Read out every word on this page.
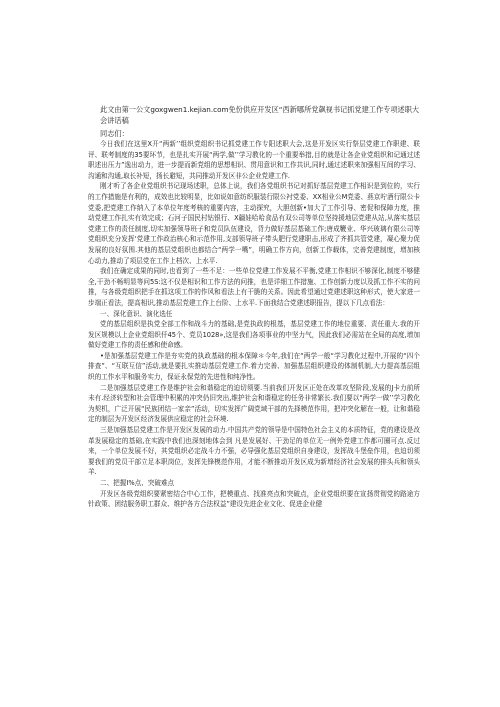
此文由第一公文goxgwen1.kejian.com免份供应开发区“西新哪所党飙视书记抓党建工作专项述职大会讲话稿
同志们：

今日我们在这里X开“两新’’组织党组织书记抓党建工作专阳述职大会,这是开发区实行祭层党建工作职建、联评、联考制度的35要环节，也是扎实开展“两学,做’’学习教化的一个重要举措,目的就是让各企业党组织和记通过述职述出压力”逸出动力，进一步提而新党组的思想相识、贯用意识和工作共识,同时,通过述职来加强相互间的学习、沟通和沟通,取长补短，扬长避短，共同推动开发区非公企业党建工作.

刚才听了各企业党组织书记现场述职，总体上说，我们各党组织书记对抓好基层党建工作相识是到位的，实行的工作措施是有利的，成效也比较明显，比如说如意纺织服装行限公衬党委、XX相业公M党委、燕京咛酒行限公卡党委,把党建工作纳入了本单位年度考核的重要内容，主动探究，大胆创新•加大了工作引导、密促和保障力度，推动党建工作扎实有效完成；石河子国民村钻银行、X疆娃哈哈食品有双公司等单位坚持援地层党建从站,从落实基层党建工作的责任制度,切实加强领导班子和党员队伍建设，背力做好基层基础工作;唐成鞭业、华兴玻璃有限公司等党组织充分发挥‘党建工作政治核心和示范作用,支部领导班子带头肥行党建职击,形成了齐抓共管党建，凝心聚力促发展的良好氛围.其他的基层党组织也都结合“两学一嘴”，明确工作方向，创新工作载体，完善党建制度，增加核心动力,推动了项层党在工作上档次、上水平.

我们在确定成果的同时,也看到了一些不足：一些单位党建工作发展不平衡,党建工作相识不够深化,制度不够健全,干劲不畅明显等问5S:这不仅是相识和工作方法的问推，也是详细工作措施、工作创新力度以及抓工作不实的问推，与各级党组织把手在抓这项工作的作风和看法上有干脆的关系。因此希望通过党建述职这种形式，使大家进一步端正看法，提高相识,推动基层党建工作上台阶、上水平.下面我结合党建述职报告，提以下几点看法：

一、深化意识、演化选任

党的基层组织是执党全部工作和战斗力的基础,是党执政的根基，基层党建工作的地位重要、责任重大.我的开发区规模以上企业党组织仟45个、党员1028»,这是我们各项事业的中坚力气，因此我们必需站在全局的高度,增加做好党建工作的责任感和使命感。

•是加强基层党建工作是夯实党的执政基础的根本保障＊今年,我们在“两学一般“学习教化过程中,开展的“四个排查”、“互联互信”活动,就是要扎实推动基层党建工作.着力完善、加强基层组织建设的体制机制,大力提高基层组织的工作水平和服务实力，保证永保党的先进性和纯净性。

二是加强基层党建工作是维护社会和谐稳定的迫切须要.当前我们开发区正处在改革攻坚阶段,发展的J卡力前所未有.经济转型和社会管理中积累的冲突仍旧突出,维护社会和谐稳定的任务非常繁长.我们要以“两学一做’’学习教化为契机，广泛开展“民族团结一家亲”活动，切实发挥广阔党域干部的先择模范作用，把冲突化解在一般，让和谐稳定的制层为开发区经济发展供应稳定的社会环境.

三是加强基层党建工作是开发区发展的动力.中国共产党的领导是中国特色社会主义的本质特征，党的建设是改革发展稳定的基础,在实践中我们也深刻地体会到 凡是发展好、干劲足的单位无一例外党建工作都可圈可点.反过来，一个单位发展不好，其党组织必定战斗力不强，必导强化基层党组织自身建设，发挥战斗堡垒作用，也迫切须要我们的党员干部立足本职岗位，发挥先锋模范作用，才能不断推动开发区成为新增经济社会发展的排头兵和领头羊.

二、把握I%点、突破难点

开发区各级党组织要紧密结合中心工作，把模重点、找准亮点和突破点，企业党组织要在宣扬贯彻党的路途方针政策、团结服务职工群众、维护各方合法权益”建设先进企业文化、促进企业健
